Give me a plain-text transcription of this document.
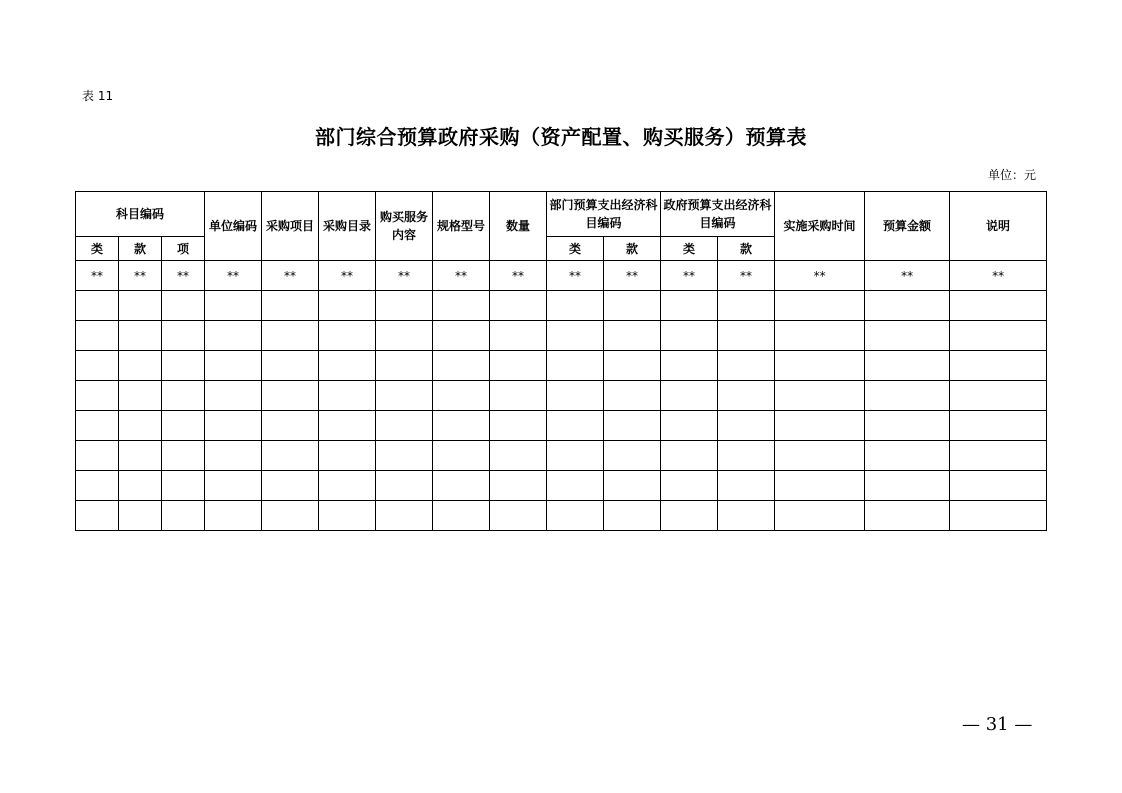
表 11
部门综合预算政府采购（资产配置、购买服务）预算表
单位：元
科目编码			单位编码	采购项目	采购目录	购买服务内容	规格型号	数量	部门预算支出经济科目编码		政府预算支出经济科目编码		实施采购时间	预算金额	说明
类	款	项							类	款	类	款			
**	**	**	**	**	**	**	**	**	**	**	**	**	**	**	**

— 31 —
